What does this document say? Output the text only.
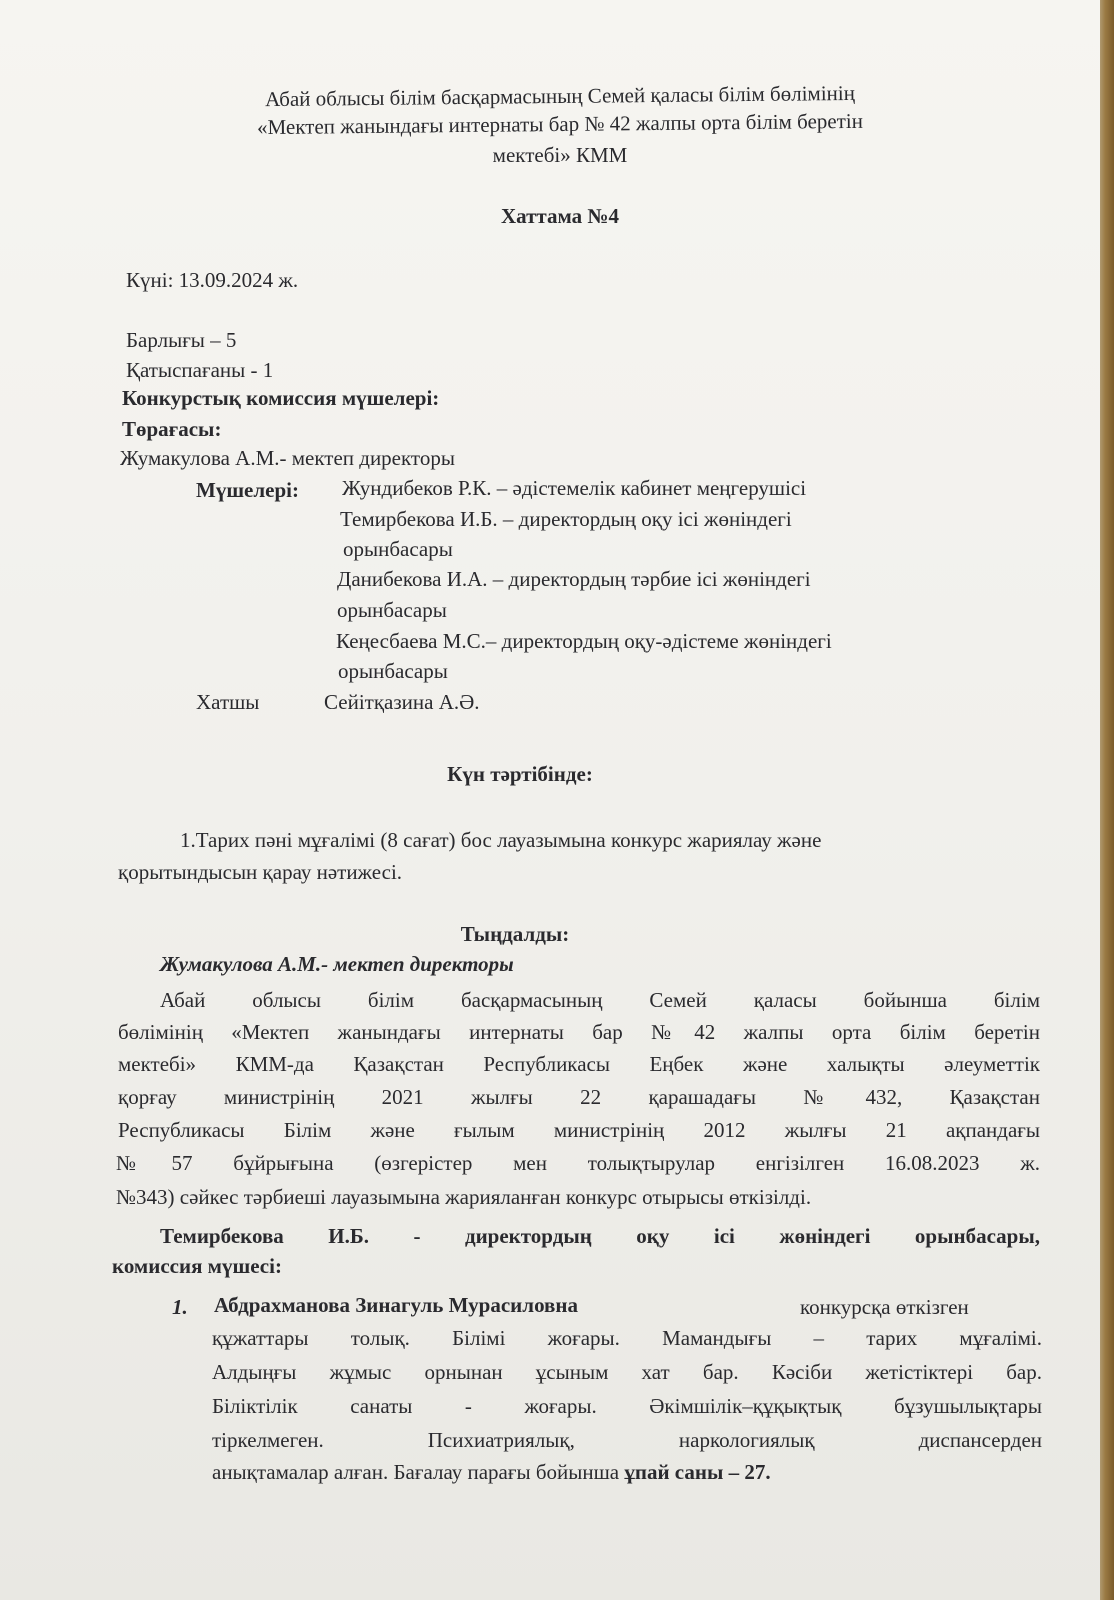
Абай облысы білім басқармасының Семей қаласы білім бөлімінің
«Мектеп жанындағы интернаты бар № 42 жалпы орта білім беретін
мектебі» КММ
Хаттама №4
Күні: 13.09.2024 ж.
Барлығы – 5
Қатыспағаны - 1
Конкурстық комиссия мүшелері:
Төрағасы:
Жумакулова А.М.- мектеп директоры
Мүшелері: Жундибеков Р.К. – әдістемелік кабинет меңгерушісі
Темирбекова И.Б. – директордың оқу ісі жөніндегі
орынбасары
Данибекова И.А. – директордың тәрбие ісі жөніндегі
орынбасары
Кеңесбаева М.С.– директордың оқу-әдістеме жөніндегі
орынбасары
Хатшы	Сейітқазина А.Ә.
Күн тәртібінде:
1.Тарих пәні мұғалімі (8 сағат) бос лауазымына конкурс жариялау және
қорытындысын қарау нәтижесі.
Тыңдалды:
Жумакулова А.М.- мектеп директоры
Абай облысы білім басқармасының Семей қаласы бойынша білім
бөлімінің «Мектеп жанындағы интернаты бар №42 жалпы орта білім беретін
мектебі» КММ-да Қазақстан Республикасы Еңбек және халықты әлеуметтік
қорғау министрінің 2021 жылғы 22 қарашадағы №432, Қазақстан
Республикасы Білім және ғылым министрінің 2012 жылғы 21 ақпандағы
№57 бұйрығына (өзгерістер мен толықтырулар енгізілген 16.08.2023 ж.
№343) сәйкес тәрбиеші лауазымына жарияланған конкурс отырысы өткізілді.
Темирбекова И.Б. - директордың оқу ісі жөніндегі орынбасары,
комиссия мүшесі:
1. Абдрахманова Зинагуль Мурасиловна	конкурсқа өткізген
құжаттары толық. Білімі жоғары. Мамандығы – тарих мұғалімі.
Алдыңғы жұмыс орнынан ұсыным хат бар. Кәсіби жетістіктері бар.
Біліктілік санаты - жоғары. Әкімшілік–құқықтық бұзушылықтары
тіркелмеген. Психиатриялық, наркологиялық диспансерден
анықтамалар алған. Бағалау парағы бойынша ұпай саны – 27.
